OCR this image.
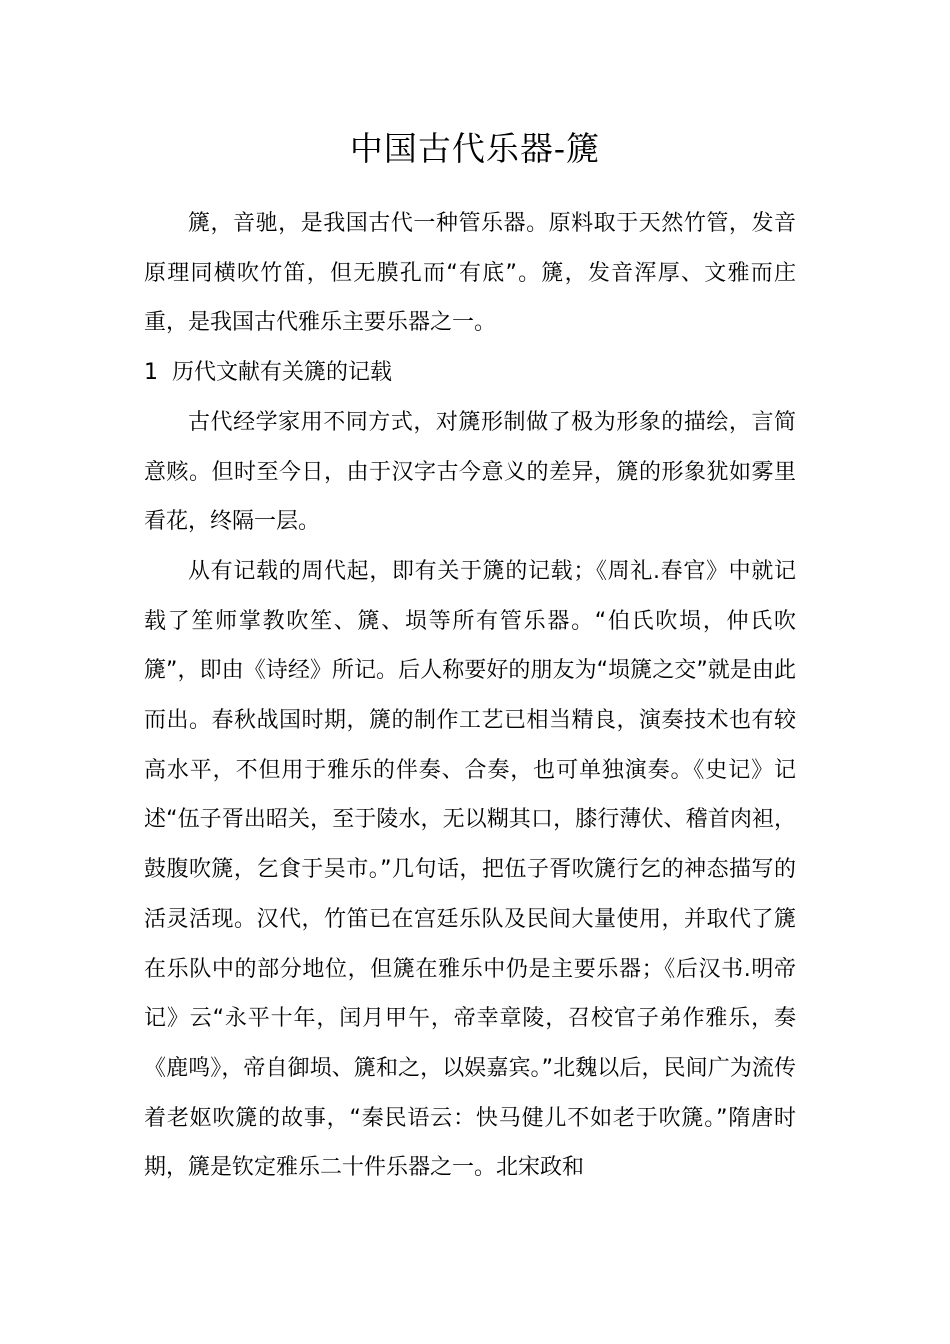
中国古代乐器-篪

篪，音驰，是我国古代一种管乐器。原料取于天然竹管，发音原理同横吹竹笛，但无膜孔而“有底”。篪，发音浑厚、文雅而庄重，是我国古代雅乐主要乐器之一。

1 历代文献有关篪的记载

古代经学家用不同方式，对篪形制做了极为形象的描绘，言简意赅。但时至今日，由于汉字古今意义的差异，篪的形象犹如雾里看花，终隔一层。

从有记载的周代起，即有关于篪的记载；《周礼.春官》中就记载了笙师掌教吹笙、篪、埙等所有管乐器。“伯氏吹埙，仲氏吹篪”，即由《诗经》所记。后人称要好的朋友为“埙篪之交”就是由此而出。春秋战国时期，篪的制作工艺已相当精良，演奏技术也有较高水平，不但用于雅乐的伴奏、合奏，也可单独演奏。《史记》记述“伍子胥出昭关，至于陵水，无以糊其口，膝行薄伏、稽首肉袒，鼓腹吹篪，乞食于吴市。”几句话，把伍子胥吹篪行乞的神态描写的活灵活现。汉代，竹笛已在宫廷乐队及民间大量使用，并取代了篪在乐队中的部分地位，但篪在雅乐中仍是主要乐器；《后汉书.明帝记》云“永平十年，闰月甲午，帝幸章陵，召校官子弟作雅乐，奏《鹿鸣》，帝自御埙、篪和之，以娱嘉宾。”北魏以后，民间广为流传着老妪吹篪的故事，“秦民语云：快马健儿不如老于吹篪。”隋唐时期，篪是钦定雅乐二十件乐器之一。北宋政和
